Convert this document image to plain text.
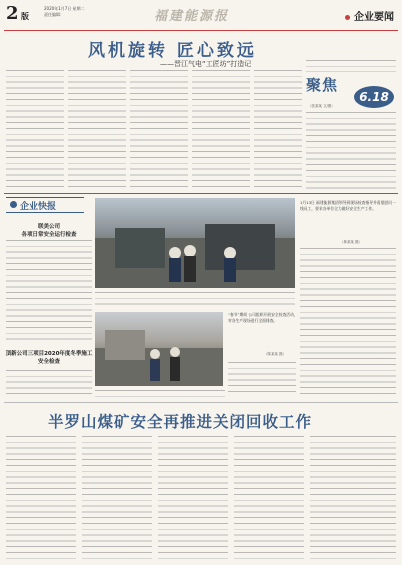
2 版
2020年1月7日 星期二
责任编辑：	福建能源报	企业要闻
风机旋转 匠心致远
——晋江气电“工匠坊”打造记
聚焦
6.18
（张某某 文/图）
企业快报
联美公司
各项日常安全运行检查
顶新公司三项目2020年度冬季施工安全检查
1月13日 福建能源集团领导到现场检查指导并看望慰问一线员工，要求各单位全力做好安全生产工作。
（林某某 摄）
“春节”期间 公司组织开展安全检查活动，对各生产现场进行全面排查。
（陈某某 摄）
半罗山煤矿安全再推进关闭回收工作
